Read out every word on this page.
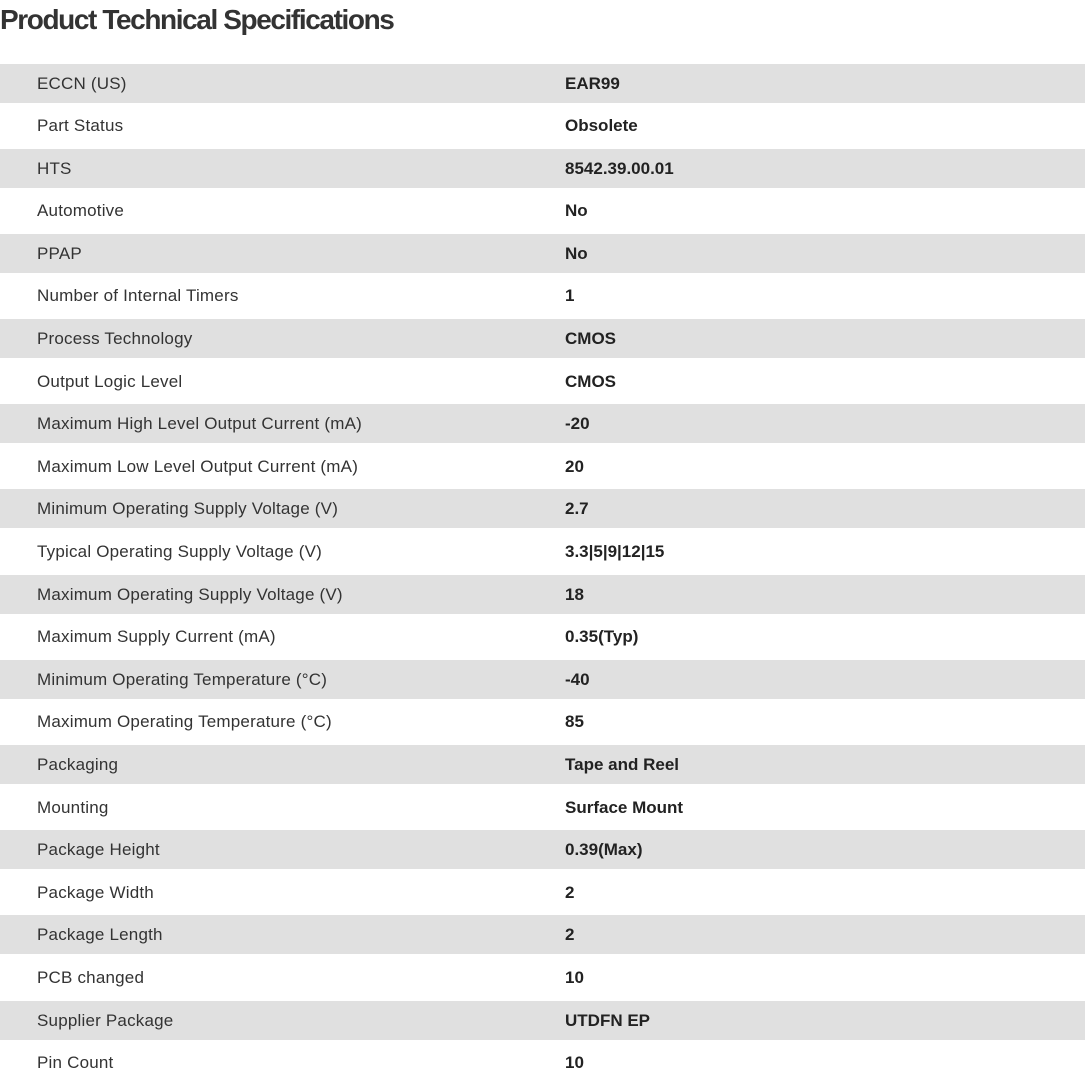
Product Technical Specifications
ECCN (US)	EAR99
Part Status	Obsolete
HTS	8542.39.00.01
Automotive	No
PPAP	No
Number of Internal Timers	1
Process Technology	CMOS
Output Logic Level	CMOS
Maximum High Level Output Current (mA)	-20
Maximum Low Level Output Current (mA)	20
Minimum Operating Supply Voltage (V)	2.7
Typical Operating Supply Voltage (V)	3.3|5|9|12|15
Maximum Operating Supply Voltage (V)	18
Maximum Supply Current (mA)	0.35(Typ)
Minimum Operating Temperature (°C)	-40
Maximum Operating Temperature (°C)	85
Packaging	Tape and Reel
Mounting	Surface Mount
Package Height	0.39(Max)
Package Width	2
Package Length	2
PCB changed	10
Supplier Package	UTDFN EP
Pin Count	10
